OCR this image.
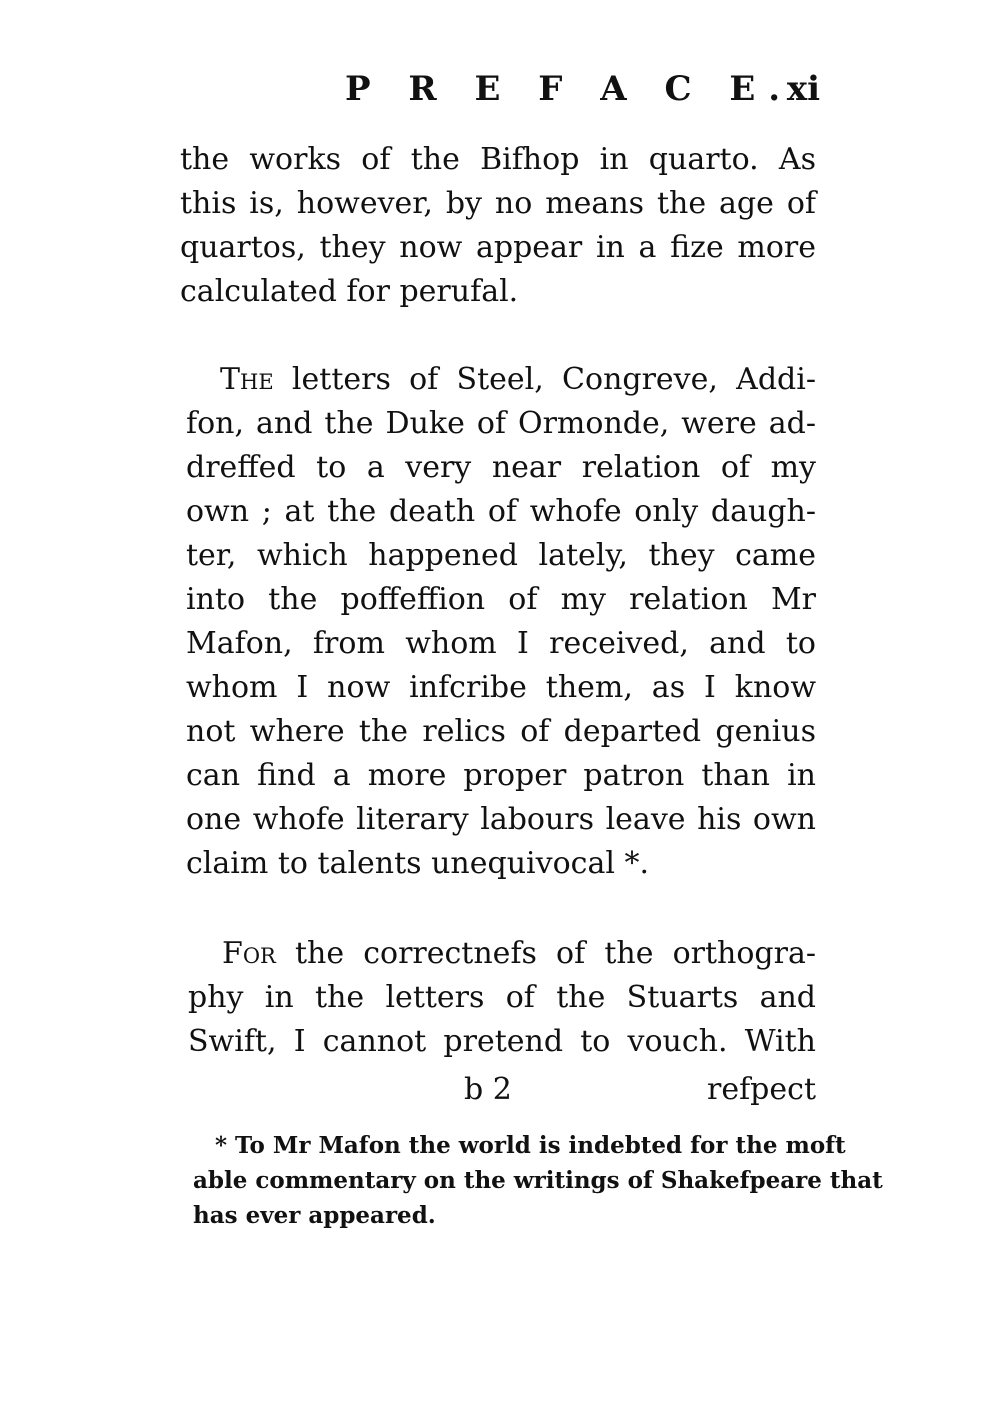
P R E F A C E.
xi
the works of the Bifhop in quarto. As
this is, however, by no means the age of
quartos, they now appear in a fize more
calculated for perufal.
The letters of Steel, Congreve, Addi-
fon, and the Duke of Ormonde, were ad-
dreffed to a very near relation of my
own ; at the death of whofe only daugh-
ter, which happened lately, they came
into the poffeffion of my relation Mr
Mafon, from whom I received, and to
whom I now infcribe them, as I know
not where the relics of departed genius
can find a more proper patron than in
one whofe literary labours leave his own
claim to talents unequivocal *.
For the correctnefs of the orthogra-
phy in the letters of the Stuarts and
Swift, I cannot pretend to vouch. With
b 2	refpect
* To Mr Mafon the world is indebted for the moft
able commentary on the writings of Shakefpeare that
has ever appeared.
